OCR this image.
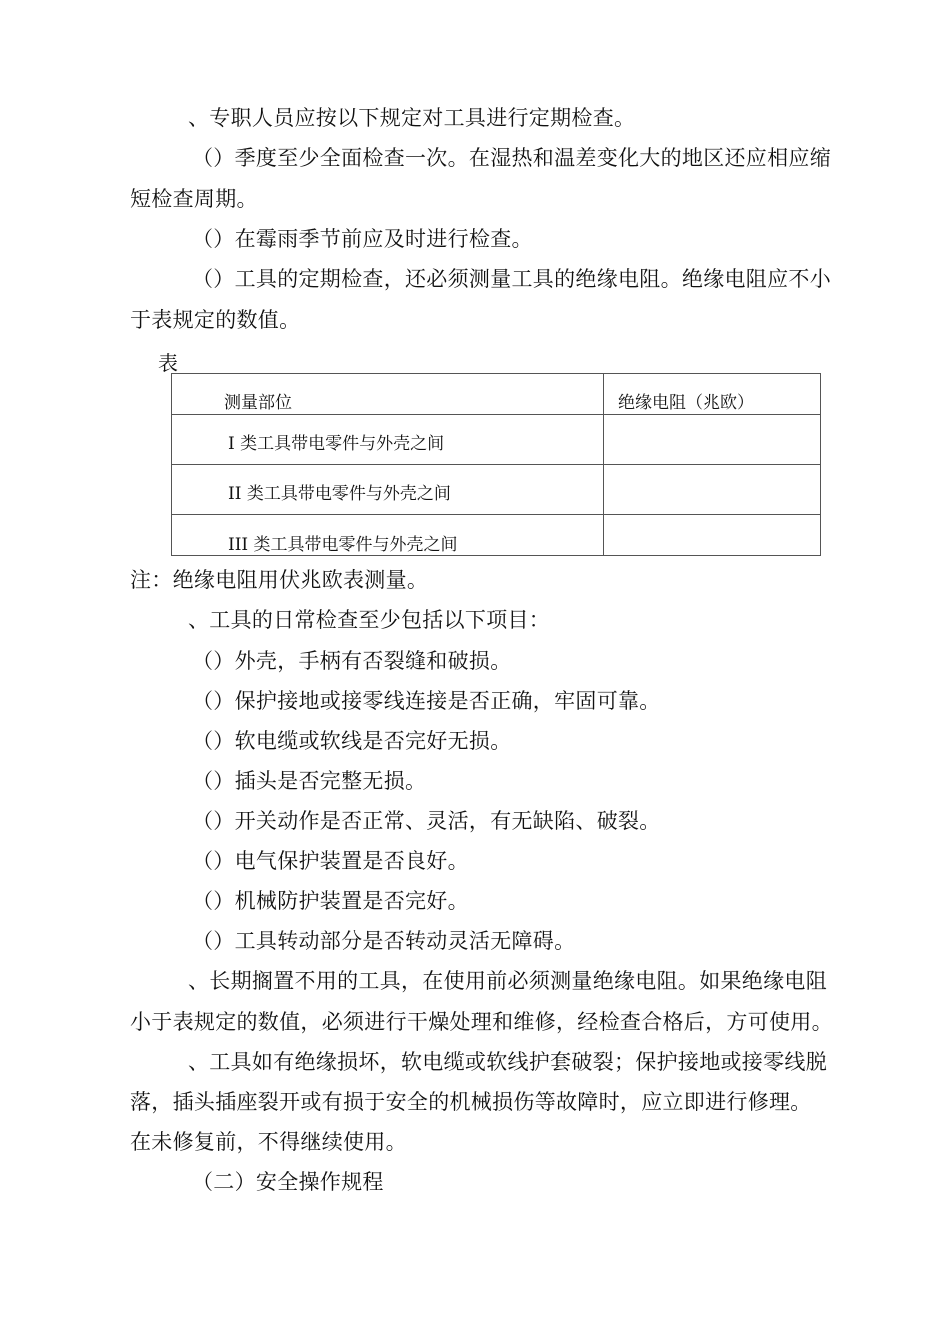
、专职人员应按以下规定对工具进行定期检查。

（）季度至少全面检查一次。在湿热和温差变化大的地区还应相应缩

短检查周期。

（）在霉雨季节前应及时进行检查。

（）工具的定期检查，还必须测量工具的绝缘电阻。绝缘电阻应不小

于表规定的数值。

表

测量部位	绝缘电阻（兆欧）

I 类工具带电零件与外壳之间	

II 类工具带电零件与外壳之间	

III 类工具带电零件与外壳之间	

注：绝缘电阻用伏兆欧表测量。

、工具的日常检查至少包括以下项目：

（）外壳，手柄有否裂缝和破损。

（）保护接地或接零线连接是否正确，牢固可靠。

（）软电缆或软线是否完好无损。

（）插头是否完整无损。

（）开关动作是否正常、灵活，有无缺陷、破裂。

（）电气保护装置是否良好。

（）机械防护装置是否完好。

（）工具转动部分是否转动灵活无障碍。

、长期搁置不用的工具，在使用前必须测量绝缘电阻。如果绝缘电阻

小于表规定的数值，必须进行干燥处理和维修，经检查合格后，方可使用。

、工具如有绝缘损坏，软电缆或软线护套破裂；保护接地或接零线脱

落，插头插座裂开或有损于安全的机械损伤等故障时，应立即进行修理。

在未修复前，不得继续使用。

（二）安全操作规程
